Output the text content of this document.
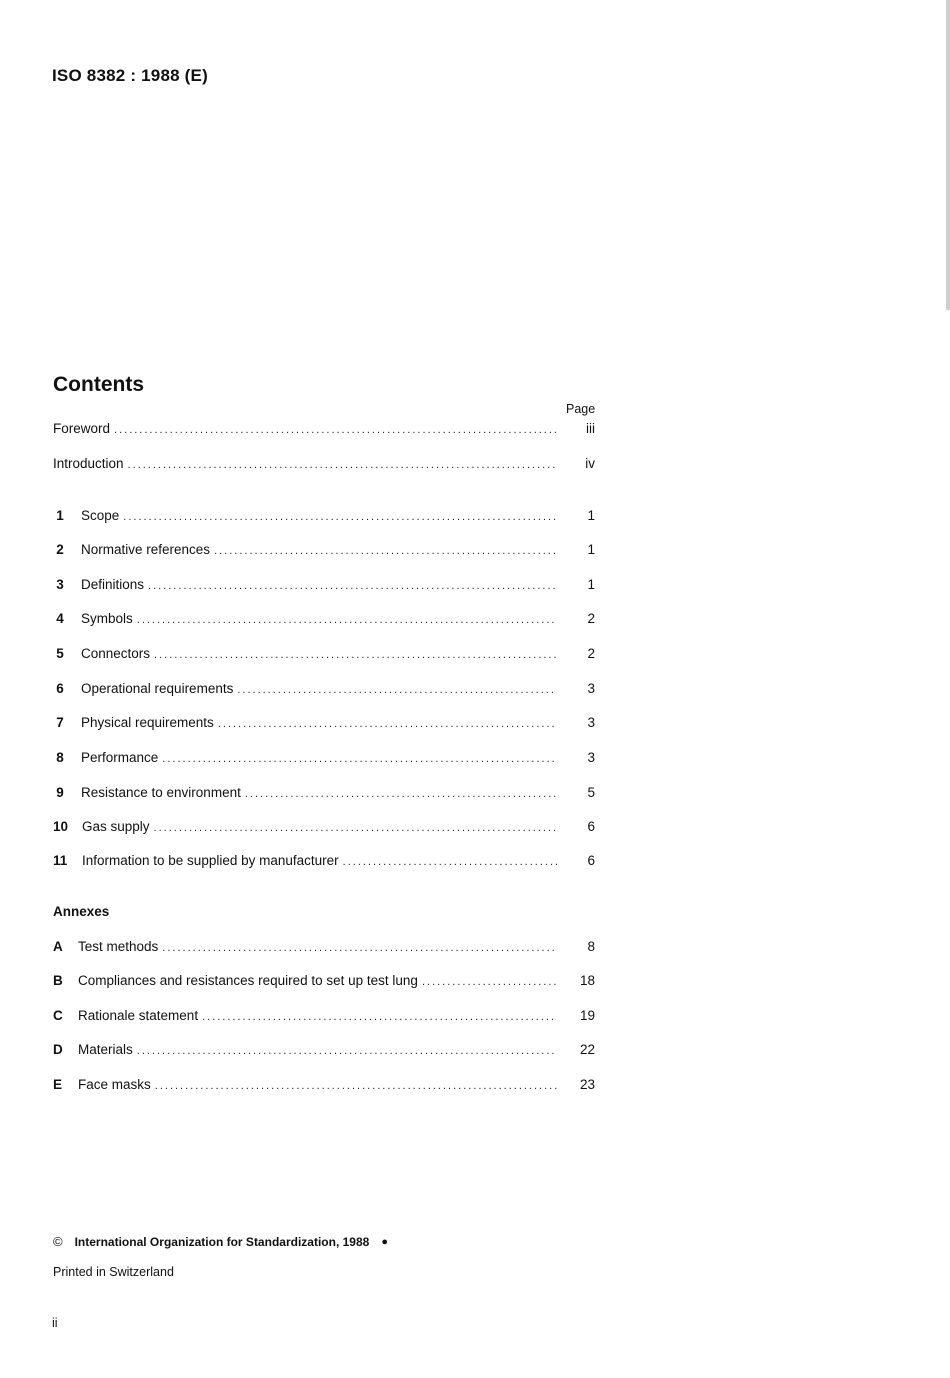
ISO 8382 : 1988 (E)
Contents
Page
Foreword .....	iii
Introduction .....	iv
1	Scope .....	1
2	Normative references .....	1
3	Definitions .....	1
4	Symbols .....	2
5	Connectors .....	2
6	Operational requirements .....	3
7	Physical requirements .....	3
8	Performance .....	3
9	Resistance to environment .....	5
10	Gas supply .....	6
11	Information to be supplied by manufacturer .....	6
Annexes
A	Test methods .....	8
B	Compliances and resistances required to set up test lung .....	18
C	Rationale statement .....	19
D	Materials .....	22
E	Face masks .....	23
© International Organization for Standardization, 1988 ●
Printed in Switzerland
ii
